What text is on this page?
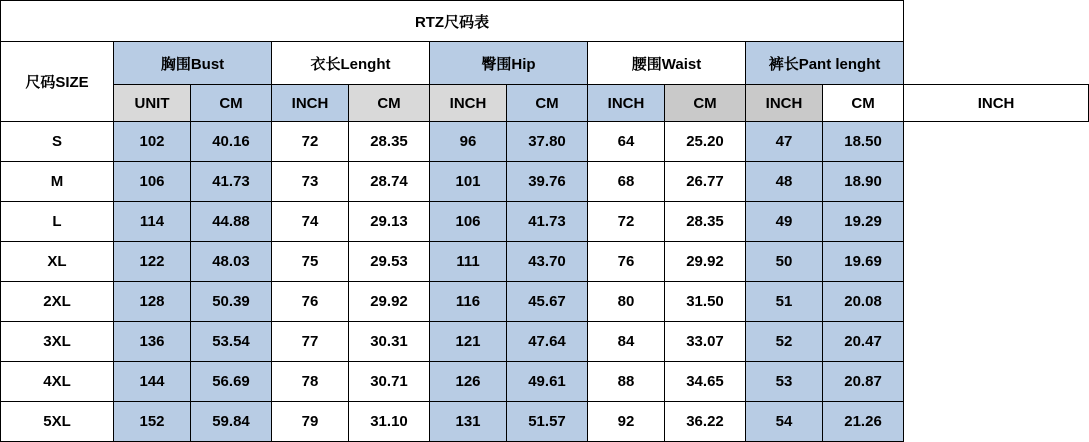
RTZ尺码表											
尺码SIZE	胸围Bust		衣长Lenght		臀围Hip		腰围Waist		裤长Pant lenght		
	UNIT	CM	INCH	CM	INCH	CM	INCH	CM	INCH	CM	INCH
S	102	40.16	72	28.35	96	37.80	64	25.20	47	18.50	
M	106	41.73	73	28.74	101	39.76	68	26.77	48	18.90	
L	114	44.88	74	29.13	106	41.73	72	28.35	49	19.29	
XL	122	48.03	75	29.53	111	43.70	76	29.92	50	19.69	
2XL	128	50.39	76	29.92	116	45.67	80	31.50	51	20.08	
3XL	136	53.54	77	30.31	121	47.64	84	33.07	52	20.47	
4XL	144	56.69	78	30.71	126	49.61	88	34.65	53	20.87	
5XL	152	59.84	79	31.10	131	51.57	92	36.22	54	21.26	
